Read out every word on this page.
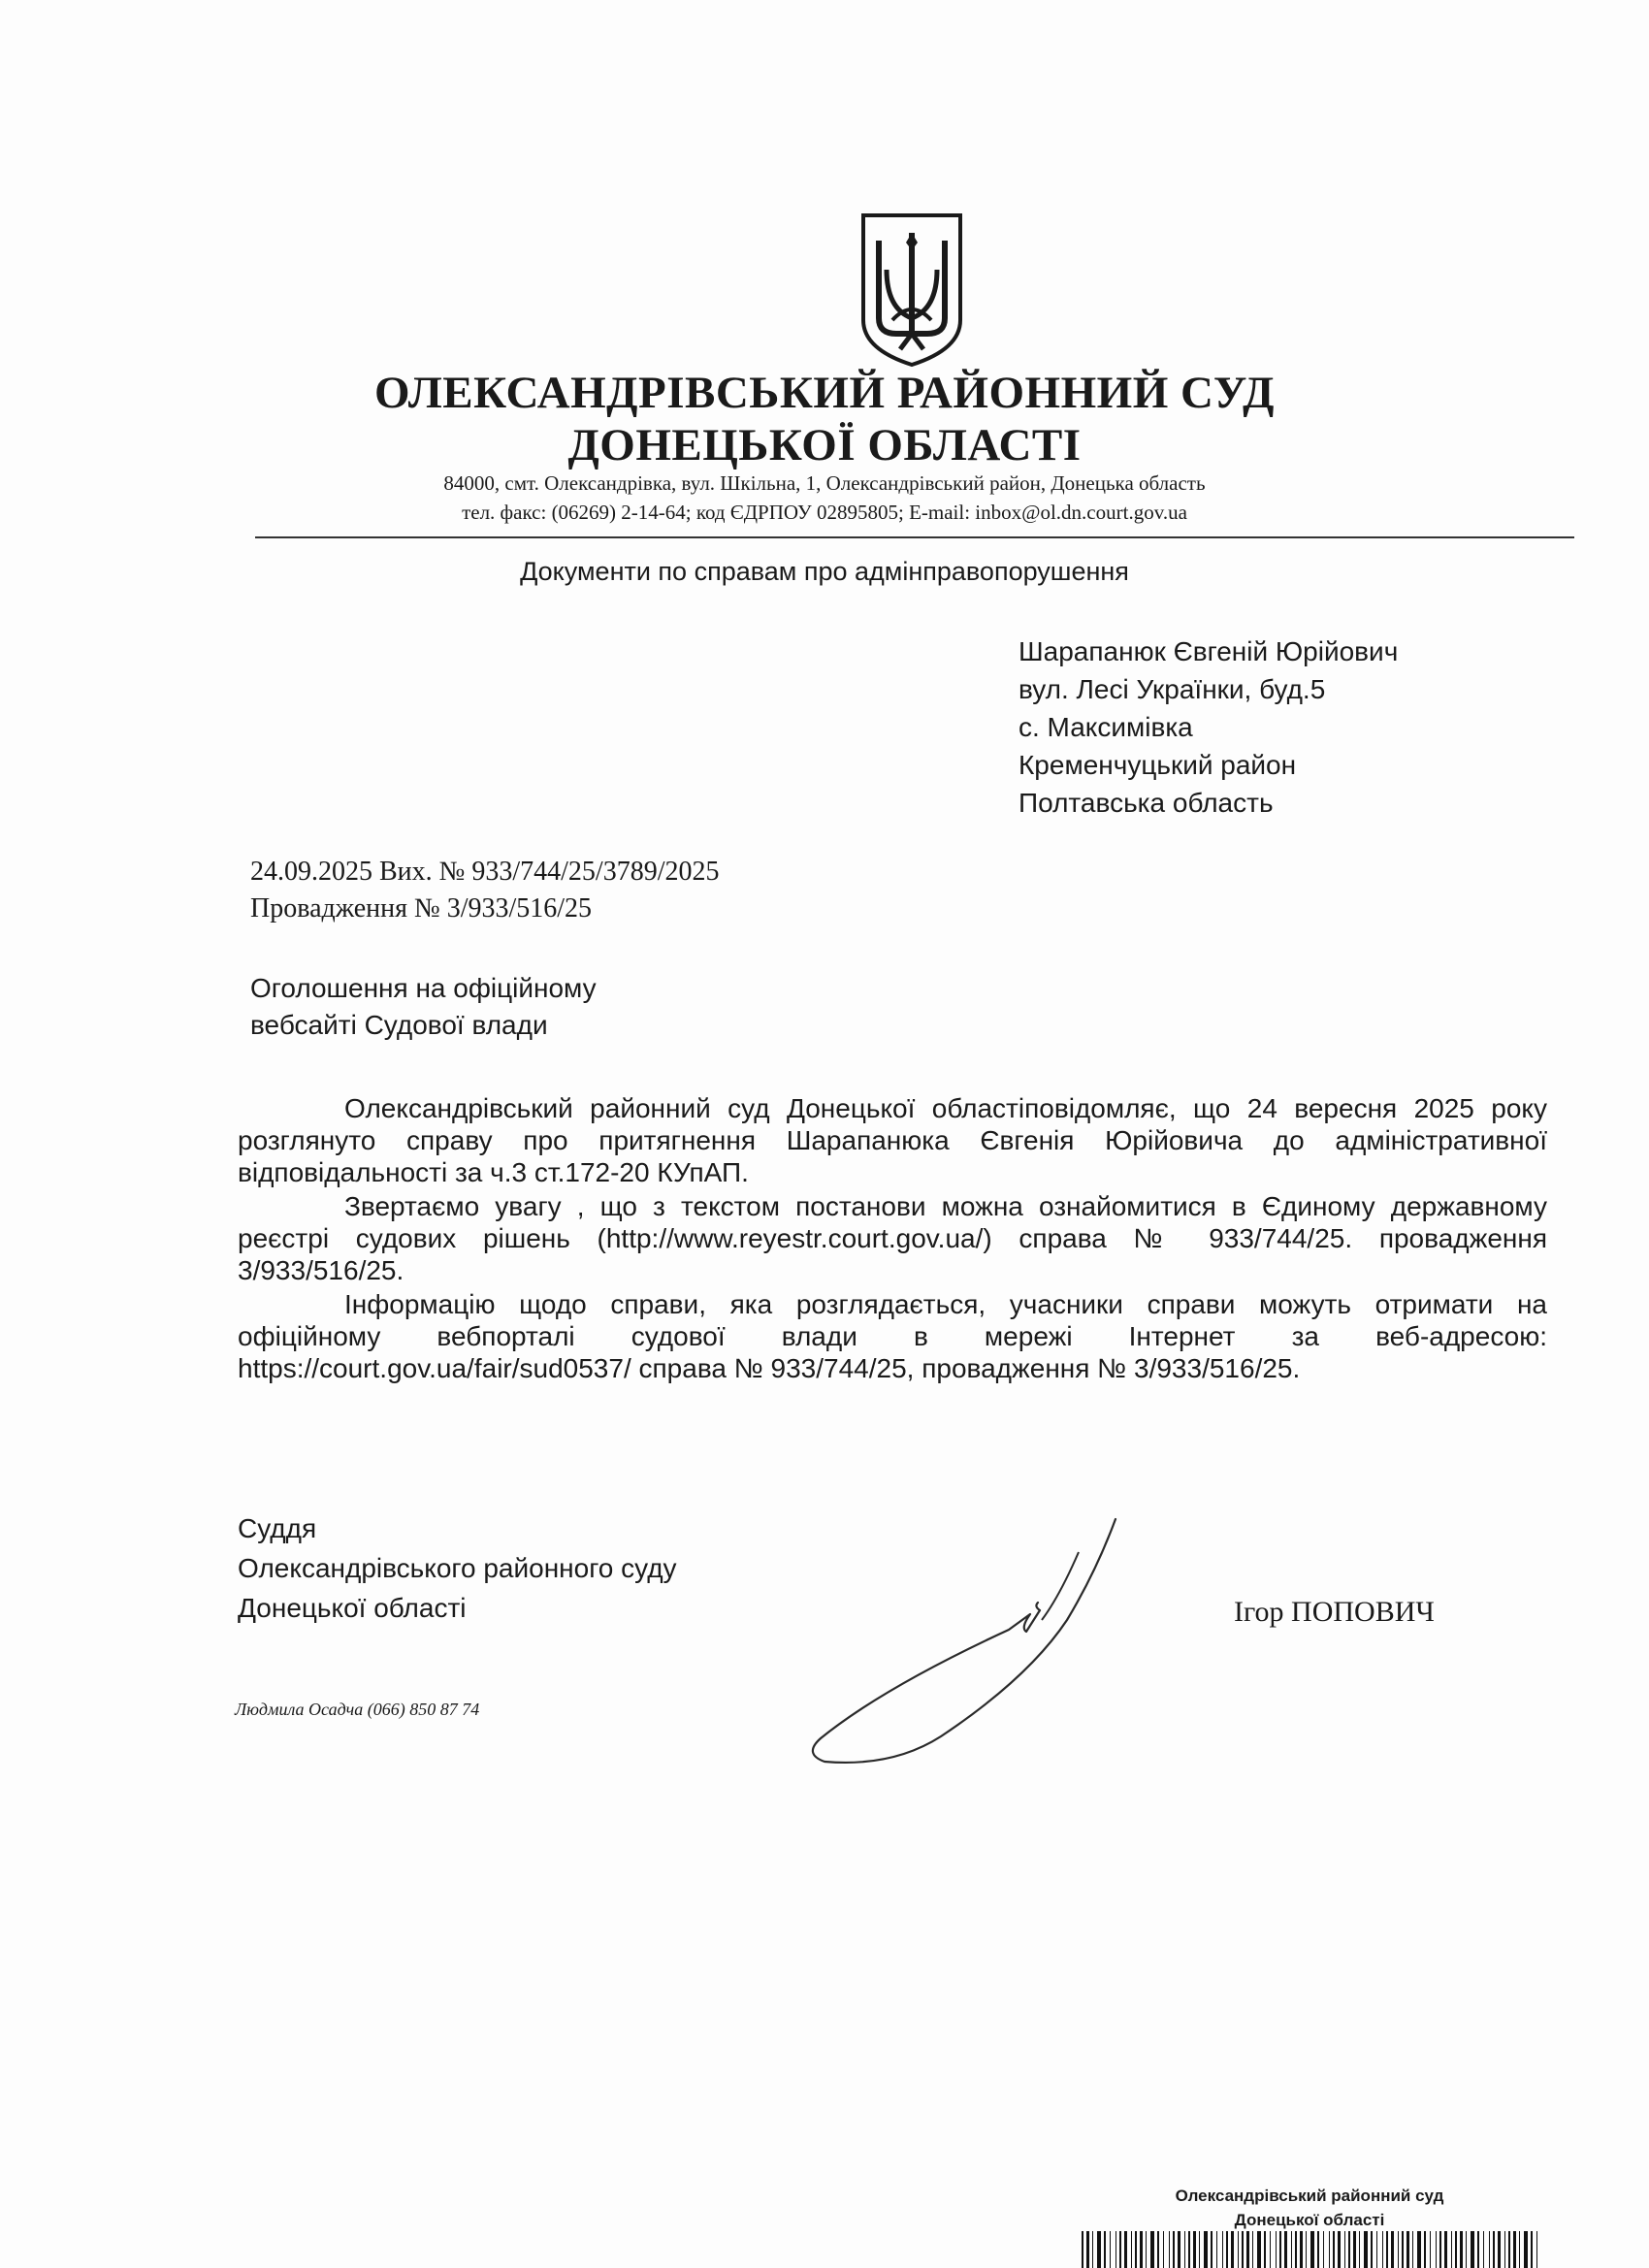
ОЛЕКСАНДРІВСЬКИЙ РАЙОННИЙ СУД
ДОНЕЦЬКОЇ ОБЛАСТІ
84000, смт. Олександрівка, вул. Шкільна, 1, Олександрівський район, Донецька область
тел. факс: (06269) 2-14-64; код ЄДРПОУ 02895805; E-mail: inbox@ol.dn.court.gov.ua
Документи по справам про адмінправопорушення
Шарапанюк Євгеній Юрійович
вул. Лесі Українки, буд.5
с. Максимівка
Кременчуцький район
Полтавська область
24.09.2025 Вих. № 933/744/25/3789/2025
Провадження № 3/933/516/25
Оголошення на офіційному
вебсайті Судової влади

Олександрівський районний суд Донецької областіповідомляє, що 24 вересня 2025 року розглянуто справу про притягнення Шарапанюка Євгенія Юрійовича до адміністративної відповідальності за ч.3 ст.172-20 КУпАП.

Звертаємо увагу , що з текстом постанови можна ознайомитися в Єдиному державному реєстрі судових рішень (http://www.reyestr.court.gov.ua/) справа № 933/744/25. провадження 3/933/516/25.

Інформацію щодо справи, яка розглядається, учасники справи можуть отримати на офіційному вебпорталі судової влади в мережі Інтернет за веб-адресою: https://court.gov.ua/fair/sud0537/ справа № 933/744/25, провадження № 3/933/516/25.

Суддя
Олександрівського районного суду
Донецької області	Ігор ПОПОВИЧ
Людмила Осадча (066) 850 87 74
Олександрівський районний суд
Донецької області
